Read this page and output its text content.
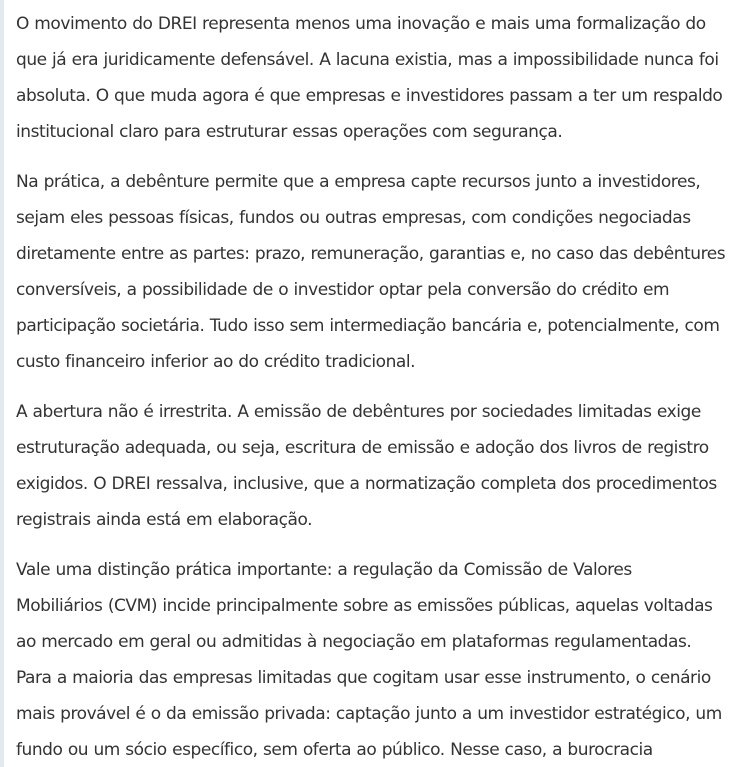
O movimento do DREI representa menos uma inovação e mais uma formalização do
que já era juridicamente defensável. A lacuna existia, mas a impossibilidade nunca foi
absoluta. O que muda agora é que empresas e investidores passam a ter um respaldo
institucional claro para estruturar essas operações com segurança.

Na prática, a debênture permite que a empresa capte recursos junto a investidores,
sejam eles pessoas físicas, fundos ou outras empresas, com condições negociadas
diretamente entre as partes: prazo, remuneração, garantias e, no caso das debêntures
conversíveis, a possibilidade de o investidor optar pela conversão do crédito em
participação societária. Tudo isso sem intermediação bancária e, potencialmente, com
custo financeiro inferior ao do crédito tradicional.

A abertura não é irrestrita. A emissão de debêntures por sociedades limitadas exige
estruturação adequada, ou seja, escritura de emissão e adoção dos livros de registro
exigidos. O DREI ressalva, inclusive, que a normatização completa dos procedimentos
registrais ainda está em elaboração.

Vale uma distinção prática importante: a regulação da Comissão de Valores
Mobiliários (CVM) incide principalmente sobre as emissões públicas, aquelas voltadas
ao mercado em geral ou admitidas à negociação em plataformas regulamentadas.
Para a maioria das empresas limitadas que cogitam usar esse instrumento, o cenário
mais provável é o da emissão privada: captação junto a um investidor estratégico, um
fundo ou um sócio específico, sem oferta ao público. Nesse caso, a burocracia
